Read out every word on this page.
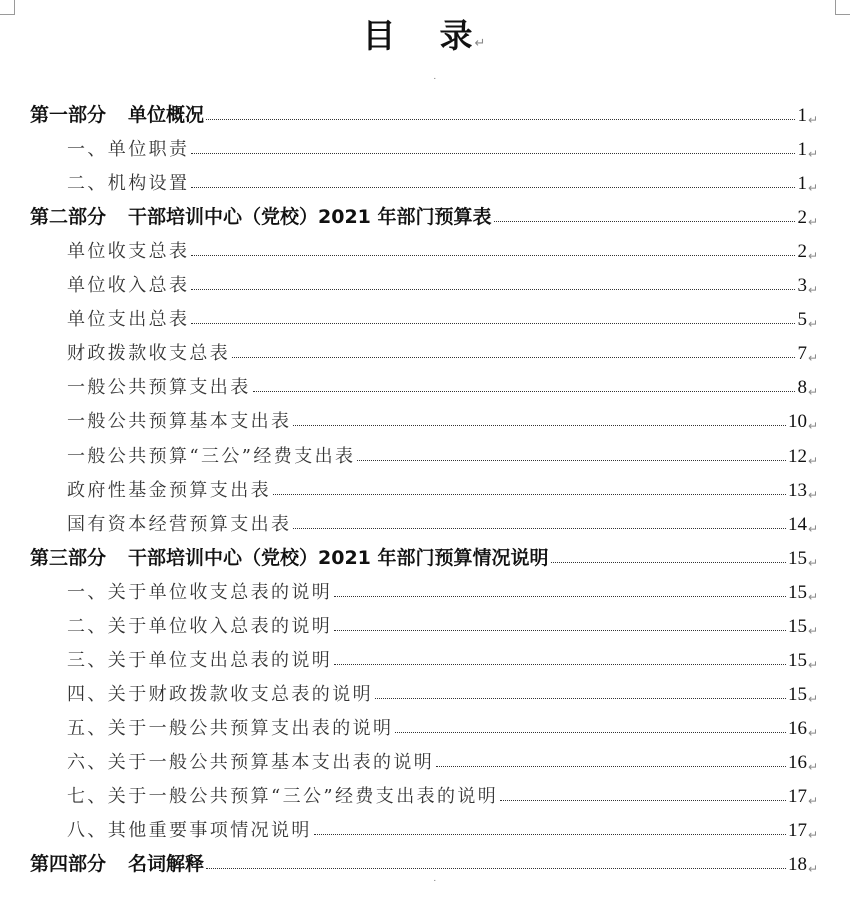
目 录↵
˙
第一部分 单位概况	1 ↵
一、单位职责	1 ↵
二、机构设置	1 ↵
第二部分 干部培训中心（党校）2021 年部门预算表	2 ↵
单位收支总表	2 ↵
单位收入总表	3 ↵
单位支出总表	5 ↵
财政拨款收支总表	7 ↵
一般公共预算支出表	8 ↵
一般公共预算基本支出表	10 ↵
一般公共预算“三公”经费支出表	12 ↵
政府性基金预算支出表	13 ↵
国有资本经营预算支出表	14 ↵
第三部分 干部培训中心（党校）2021 年部门预算情况说明	15 ↵
一、关于单位收支总表的说明	15 ↵
二、关于单位收入总表的说明	15 ↵
三、关于单位支出总表的说明	15 ↵
四、关于财政拨款收支总表的说明	15 ↵
五、关于一般公共预算支出表的说明	16 ↵
六、关于一般公共预算基本支出表的说明	16 ↵
七、关于一般公共预算“三公”经费支出表的说明	17 ↵
八、其他重要事项情况说明	17 ↵
第四部分 名词解释	18 ↵
˙
